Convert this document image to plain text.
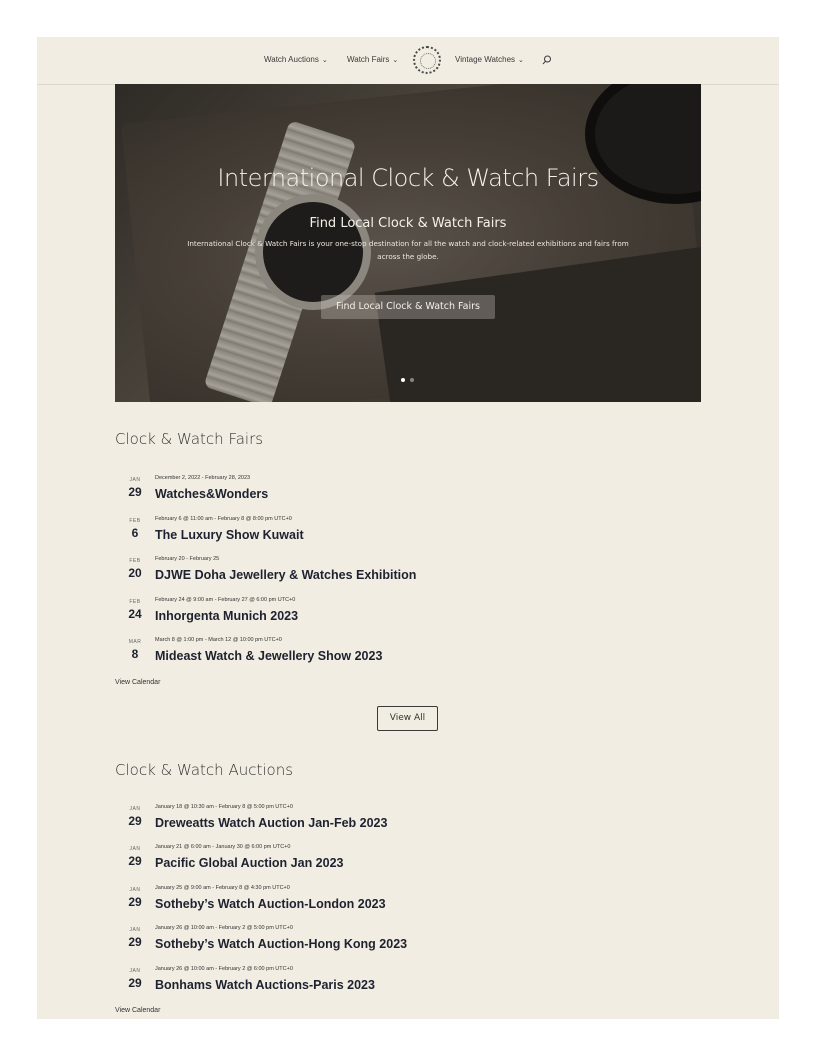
Watch Auctions ⌄ Watch Fairs ⌄	Vintage Watches ⌄
International Clock & Watch Fairs
Find Local Clock & Watch Fairs
International Clock & Watch Fairs is your one-stop destination for all the watch and clock-related exhibitions and fairs from across the globe.
Find Local Clock & Watch Fairs
Clock & Watch Fairs
JAN
29
December 2, 2022 - February 28, 2023
Watches&Wonders
FEB
6
February 6 @ 11:00 am - February 8 @ 8:00 pm UTC+0
The Luxury Show Kuwait
FEB
20
February 20 - February 25
DJWE Doha Jewellery & Watches Exhibition
FEB
24
February 24 @ 9:00 am - February 27 @ 6:00 pm UTC+0
Inhorgenta Munich 2023
MAR
8
March 8 @ 1:00 pm - March 12 @ 10:00 pm UTC+0
Mideast Watch & Jewellery Show 2023
View Calendar
View All
Clock & Watch Auctions
JAN
29
January 18 @ 10:30 am - February 8 @ 5:00 pm UTC+0
Dreweatts Watch Auction Jan-Feb 2023
JAN
29
January 21 @ 6:00 am - January 30 @ 6:00 pm UTC+0
Pacific Global Auction Jan 2023
JAN
29
January 25 @ 9:00 am - February 8 @ 4:30 pm UTC+0
Sotheby’s Watch Auction-London 2023
JAN
29
January 26 @ 10:00 am - February 2 @ 5:00 pm UTC+0
Sotheby’s Watch Auction-Hong Kong 2023
JAN
29
January 26 @ 10:00 am - February 2 @ 6:00 pm UTC+0
Bonhams Watch Auctions-Paris 2023
View Calendar
